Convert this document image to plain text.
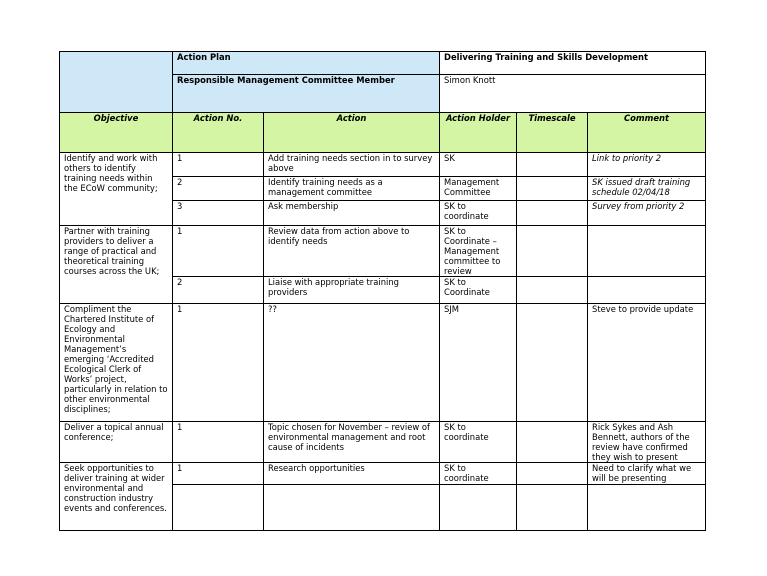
	Action Plan		Delivering Training and Skills Development		
	Responsible Management Committee Member		Simon Knott		
Objective	Action No.	Action	Action Holder	Timescale	Comment
Identify and work with others to identify training needs within the ECoW community;	1	Add training needs section in to survey above	SK		Link to priority 2
	2	Identify training needs as a management committee	Management Committee		SK issued draft training schedule 02/04/18
	3	Ask membership	SK to coordinate		Survey from priority 2
Partner with training providers to deliver a range of practical and theoretical training courses across the UK;	1	Review data from action above to identify needs	SK to Coordinate – Management committee to review		
	2	Liaise with appropriate training providers	SK to Coordinate		
Compliment the Chartered Institute of Ecology and Environmental Management’s emerging ‘Accredited Ecological Clerk of Works’ project, particularly in relation to other environmental disciplines;	1	??	SJM		Steve to provide update
Deliver a topical annual conference;	1	Topic chosen for November – review of environmental management and root cause of incidents	SK to coordinate		Rick Sykes and Ash Bennett, authors of the review have confirmed they wish to present
Seek opportunities to deliver training at wider environmental and construction industry events and conferences.	1	Research opportunities	SK to coordinate		Need to clarify what we will be presenting
